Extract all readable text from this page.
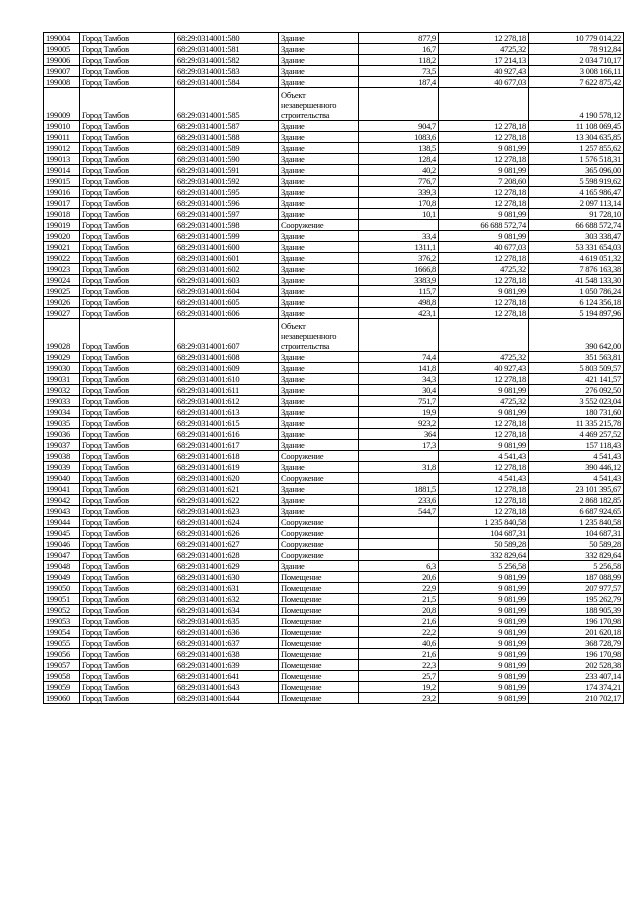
199004	Город Тамбов	68:29:0314001:580	Здание	877,9	12 278,18	10 779 014,22
199005	Город Тамбов	68:29:0314001:581	Здание	16,7	4725,32	78 912,84
199006	Город Тамбов	68:29:0314001:582	Здание	118,2	17 214,13	2 034 710,17
199007	Город Тамбов	68:29:0314001:583	Здание	73,5	40 927,43	3 008 166,11
199008	Город Тамбов	68:29:0314001:584	Здание	187,4	40 677,03	7 622 875,42
199009	Город Тамбов	68:29:0314001:585	Объект незавершенного строительства			4 190 578,12
199010	Город Тамбов	68:29:0314001:587	Здание	904,7	12 278,18	11 108 069,45
199011	Город Тамбов	68:29:0314001:588	Здание	1083,6	12 278,18	13 304 635,85
199012	Город Тамбов	68:29:0314001:589	Здание	138,5	9 081,99	1 257 855,62
199013	Город Тамбов	68:29:0314001:590	Здание	128,4	12 278,18	1 576 518,31
199014	Город Тамбов	68:29:0314001:591	Здание	40,2	9 081,99	365 096,00
199015	Город Тамбов	68:29:0314001:592	Здание	776,7	7 208,60	5 598 919,62
199016	Город Тамбов	68:29:0314001:595	Здание	339,3	12 278,18	4 165 986,47
199017	Город Тамбов	68:29:0314001:596	Здание	170,8	12 278,18	2 097 113,14
199018	Город Тамбов	68:29:0314001:597	Здание	10,1	9 081,99	91 728,10
199019	Город Тамбов	68:29:0314001:598	Сооружение		66 688 572,74	66 688 572,74
199020	Город Тамбов	68:29:0314001:599	Здание	33,4	9 081,99	303 338,47
199021	Город Тамбов	68:29:0314001:600	Здание	1311,1	40 677,03	53 331 654,03
199022	Город Тамбов	68:29:0314001:601	Здание	376,2	12 278,18	4 619 051,32
199023	Город Тамбов	68:29:0314001:602	Здание	1666,8	4725,32	7 876 163,38
199024	Город Тамбов	68:29:0314001:603	Здание	3383,9	12 278,18	41 548 133,30
199025	Город Тамбов	68:29:0314001:604	Здание	115,7	9 081,99	1 050 786,24
199026	Город Тамбов	68:29:0314001:605	Здание	498,8	12 278,18	6 124 356,18
199027	Город Тамбов	68:29:0314001:606	Здание	423,1	12 278,18	5 194 897,96
199028	Город Тамбов	68:29:0314001:607	Объект незавершенного строительства			390 642,00
199029	Город Тамбов	68:29:0314001:608	Здание	74,4	4725,32	351 563,81
199030	Город Тамбов	68:29:0314001:609	Здание	141,8	40 927,43	5 803 509,57
199031	Город Тамбов	68:29:0314001:610	Здание	34,3	12 278,18	421 141,57
199032	Город Тамбов	68:29:0314001:611	Здание	30,4	9 081,99	276 092,50
199033	Город Тамбов	68:29:0314001:612	Здание	751,7	4725,32	3 552 023,04
199034	Город Тамбов	68:29:0314001:613	Здание	19,9	9 081,99	180 731,60
199035	Город Тамбов	68:29:0314001:615	Здание	923,2	12 278,18	11 335 215,78
199036	Город Тамбов	68:29:0314001:616	Здание	364	12 278,18	4 469 257,52
199037	Город Тамбов	68:29:0314001:617	Здание	17,3	9 081,99	157 118,43
199038	Город Тамбов	68:29:0314001:618	Сооружение		4 541,43	4 541,43
199039	Город Тамбов	68:29:0314001:619	Здание	31,8	12 278,18	390 446,12
199040	Город Тамбов	68:29:0314001:620	Сооружение		4 541,43	4 541,43
199041	Город Тамбов	68:29:0314001:621	Здание	1881,5	12 278,18	23 101 395,67
199042	Город Тамбов	68:29:0314001:622	Здание	233,6	12 278,18	2 868 182,85
199043	Город Тамбов	68:29:0314001:623	Здание	544,7	12 278,18	6 687 924,65
199044	Город Тамбов	68:29:0314001:624	Сооружение		1 235 840,58	1 235 840,58
199045	Город Тамбов	68:29:0314001:626	Сооружение		104 687,31	104 687,31
199046	Город Тамбов	68:29:0314001:627	Сооружение		50 589,28	50 589,28
199047	Город Тамбов	68:29:0314001:628	Сооружение		332 829,64	332 829,64
199048	Город Тамбов	68:29:0314001:629	Здание	6,3	5 256,58	5 256,58
199049	Город Тамбов	68:29:0314001:630	Помещение	20,6	9 081,99	187 088,99
199050	Город Тамбов	68:29:0314001:631	Помещение	22,9	9 081,99	207 977,57
199051	Город Тамбов	68:29:0314001:632	Помещение	21,5	9 081,99	195 262,79
199052	Город Тамбов	68:29:0314001:634	Помещение	20,8	9 081,99	188 905,39
199053	Город Тамбов	68:29:0314001:635	Помещение	21,6	9 081,99	196 170,98
199054	Город Тамбов	68:29:0314001:636	Помещение	22,2	9 081,99	201 620,18
199055	Город Тамбов	68:29:0314001:637	Помещение	40,6	9 081,99	368 728,79
199056	Город Тамбов	68:29:0314001:638	Помещение	21,6	9 081,99	196 170,98
199057	Город Тамбов	68:29:0314001:639	Помещение	22,3	9 081,99	202 528,38
199058	Город Тамбов	68:29:0314001:641	Помещение	25,7	9 081,99	233 407,14
199059	Город Тамбов	68:29:0314001:643	Помещение	19,2	9 081,99	174 374,21
199060	Город Тамбов	68:29:0314001:644	Помещение	23,2	9 081,99	210 702,17
